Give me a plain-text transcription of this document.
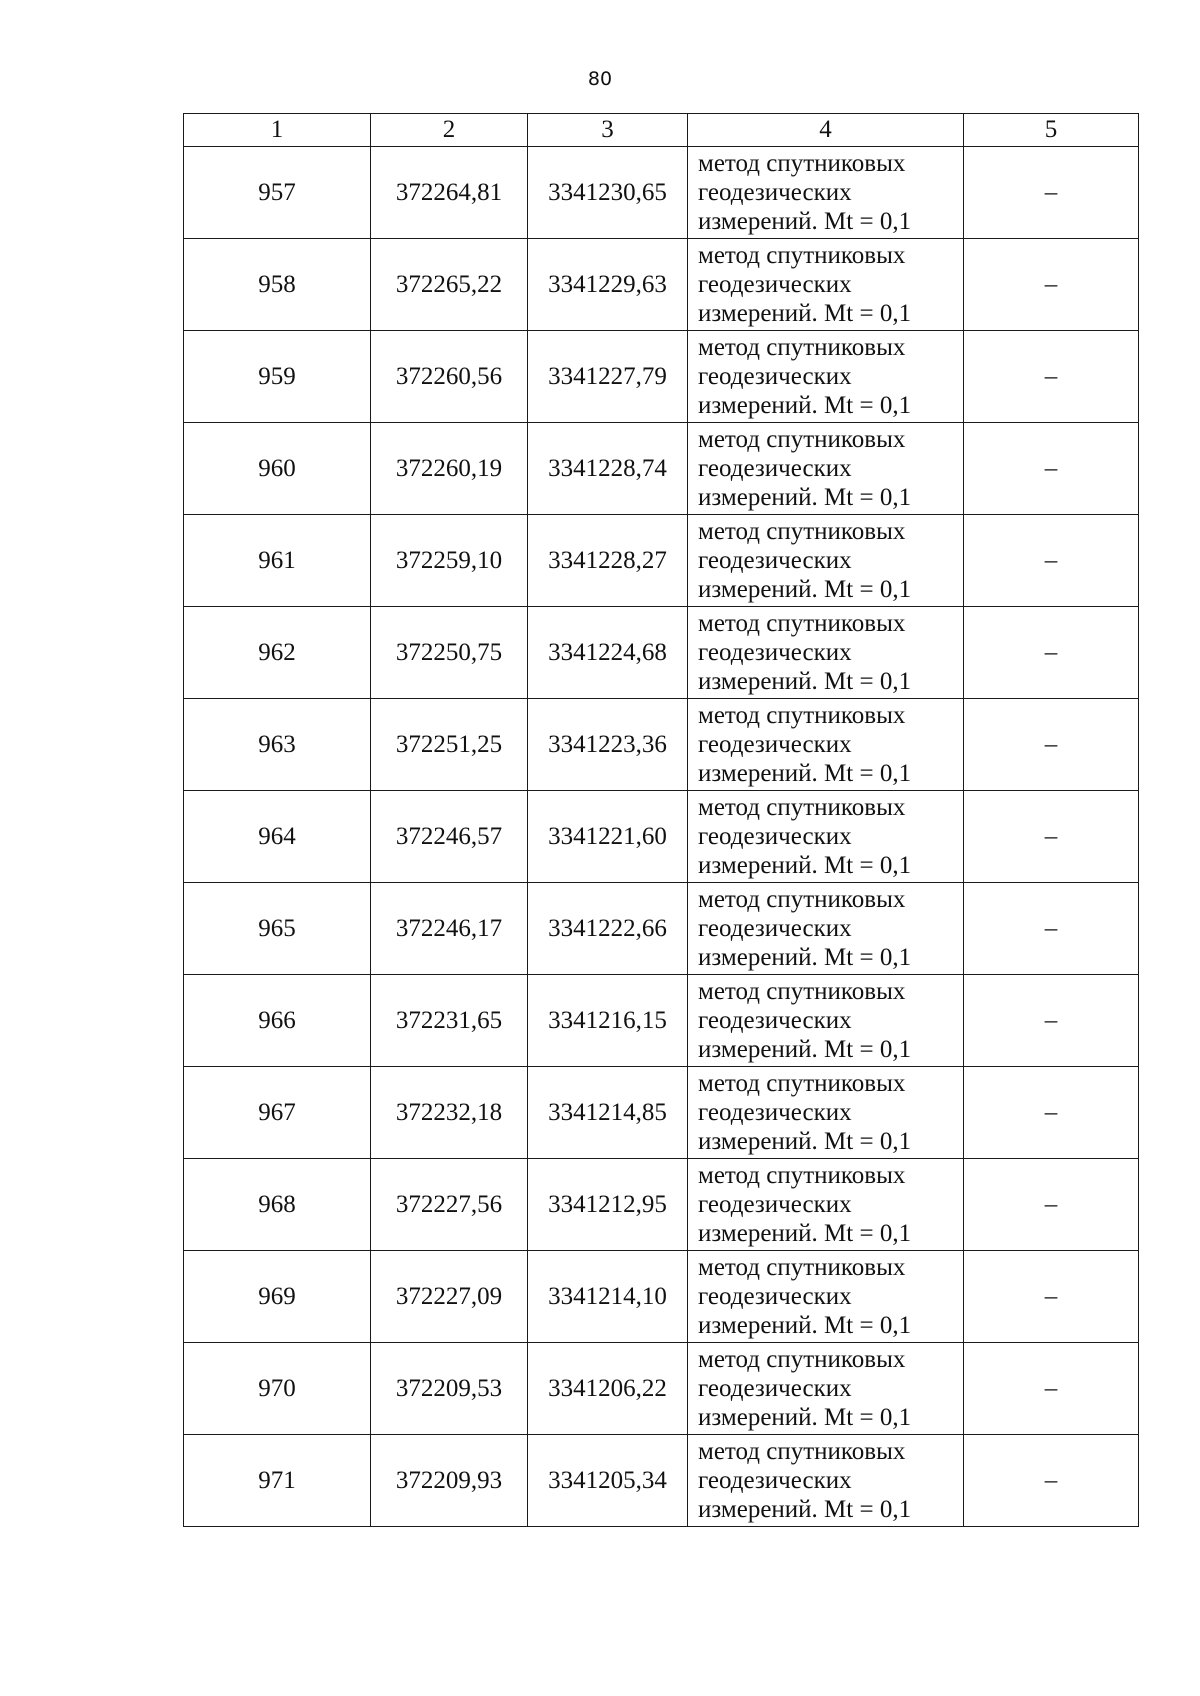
80
1	2	3	4	5
957	372264,81	3341230,65	метод спутниковых
геодезических
измерений. Mt = 0,1	–
958	372265,22	3341229,63	метод спутниковых
геодезических
измерений. Mt = 0,1	–
959	372260,56	3341227,79	метод спутниковых
геодезических
измерений. Mt = 0,1	–
960	372260,19	3341228,74	метод спутниковых
геодезических
измерений. Mt = 0,1	–
961	372259,10	3341228,27	метод спутниковых
геодезических
измерений. Mt = 0,1	–
962	372250,75	3341224,68	метод спутниковых
геодезических
измерений. Mt = 0,1	–
963	372251,25	3341223,36	метод спутниковых
геодезических
измерений. Mt = 0,1	–
964	372246,57	3341221,60	метод спутниковых
геодезических
измерений. Mt = 0,1	–
965	372246,17	3341222,66	метод спутниковых
геодезических
измерений. Mt = 0,1	–
966	372231,65	3341216,15	метод спутниковых
геодезических
измерений. Mt = 0,1	–
967	372232,18	3341214,85	метод спутниковых
геодезических
измерений. Mt = 0,1	–
968	372227,56	3341212,95	метод спутниковых
геодезических
измерений. Mt = 0,1	–
969	372227,09	3341214,10	метод спутниковых
геодезических
измерений. Mt = 0,1	–
970	372209,53	3341206,22	метод спутниковых
геодезических
измерений. Mt = 0,1	–
971	372209,93	3341205,34	метод спутниковых
геодезических
измерений. Mt = 0,1	–
